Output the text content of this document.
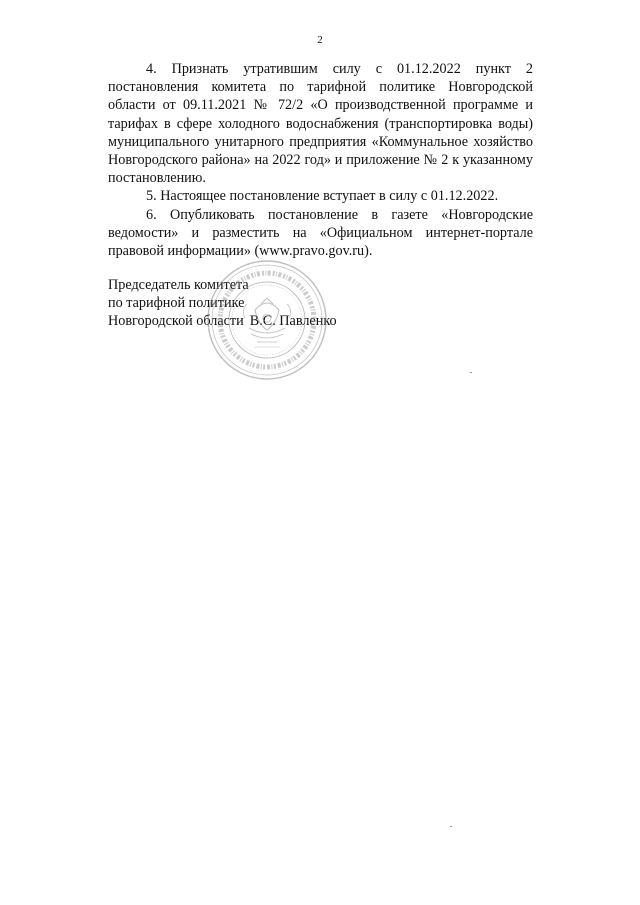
2

4. Признать утратившим силу с 01.12.2022 пункт 2 постановления комитета по тарифной политике Новгородской области от 09.11.2021 № 72/2 «О производственной программе и тарифах в сфере холодного водоснабжения (транспортировка воды) муниципального унитарного предприятия «Коммунальное хозяйство Новгородского района» на 2022 год» и приложение № 2 к указанному постановлению.

5. Настоящее постановление вступает в силу с 01.12.2022.

6. Опубликовать постановление в газете «Новгородские ведомости» и разместить на «Официальном интернет-портале правовой информации» (www.pravo.gov.ru).

Председатель комитета
по тарифной политике
Новгородской области В.С. Павленко
